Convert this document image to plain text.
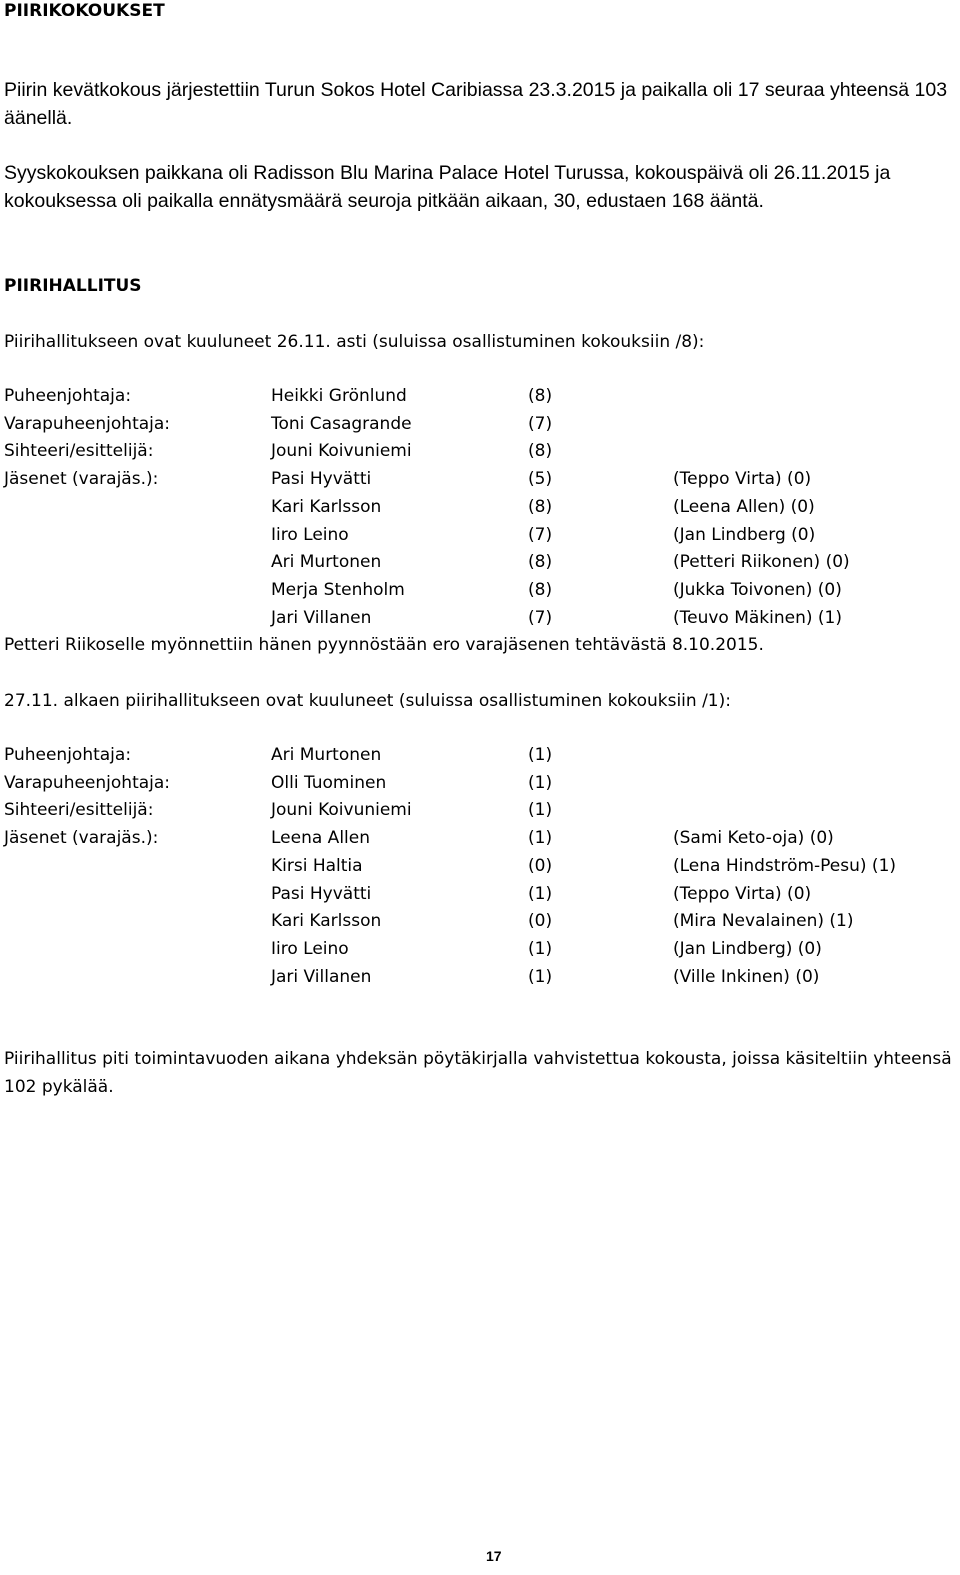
PIIRIKOKOUKSET
Piirin kevätkokous järjestettiin Turun Sokos Hotel Caribiassa 23.3.2015 ja paikalla oli 17 seuraa yhteensä 103 äänellä.
Syyskokouksen paikkana oli Radisson Blu Marina Palace Hotel Turussa, kokouspäivä oli 26.11.2015 ja kokouksessa oli paikalla ennätysmäärä seuroja pitkään aikaan, 30, edustaen 168 ääntä.
PIIRIHALLITUS
Piirihallitukseen ovat kuuluneet 26.11. asti (suluissa osallistuminen kokouksiin /8):
Puheenjohtaja:	Heikki Grönlund	(8)
Varapuheenjohtaja:	Toni Casagrande	(7)
Sihteeri/esittelijä:	Jouni Koivuniemi	(8)
Jäsenet (varajäs.):	Pasi Hyvätti	(5)	(Teppo Virta) (0)
Kari Karlsson	(8)	(Leena Allen) (0)
Iiro Leino	(7)	(Jan Lindberg (0)
Ari Murtonen	(8)	(Petteri Riikonen) (0)
Merja Stenholm	(8)	(Jukka Toivonen) (0)
Jari Villanen	(7)	(Teuvo Mäkinen) (1)
Petteri Riikoselle myönnettiin hänen pyynnöstään ero varajäsenen tehtävästä 8.10.2015.
27.11. alkaen piirihallitukseen ovat kuuluneet (suluissa osallistuminen kokouksiin /1):
Puheenjohtaja:	Ari Murtonen	(1)
Varapuheenjohtaja:	Olli Tuominen	(1)
Sihteeri/esittelijä:	Jouni Koivuniemi	(1)
Jäsenet (varajäs.):	Leena Allen	(1)	(Sami Keto-oja) (0)
Kirsi Haltia	(0)	(Lena Hindström-Pesu) (1)
Pasi Hyvätti	(1)	(Teppo Virta) (0)
Kari Karlsson	(0)	(Mira Nevalainen) (1)
Iiro Leino	(1)	(Jan Lindberg) (0)
Jari Villanen	(1)	(Ville Inkinen) (0)
Piirihallitus piti toimintavuoden aikana yhdeksän pöytäkirjalla vahvistettua kokousta, joissa käsiteltiin yhteensä 102 pykälää.
17
